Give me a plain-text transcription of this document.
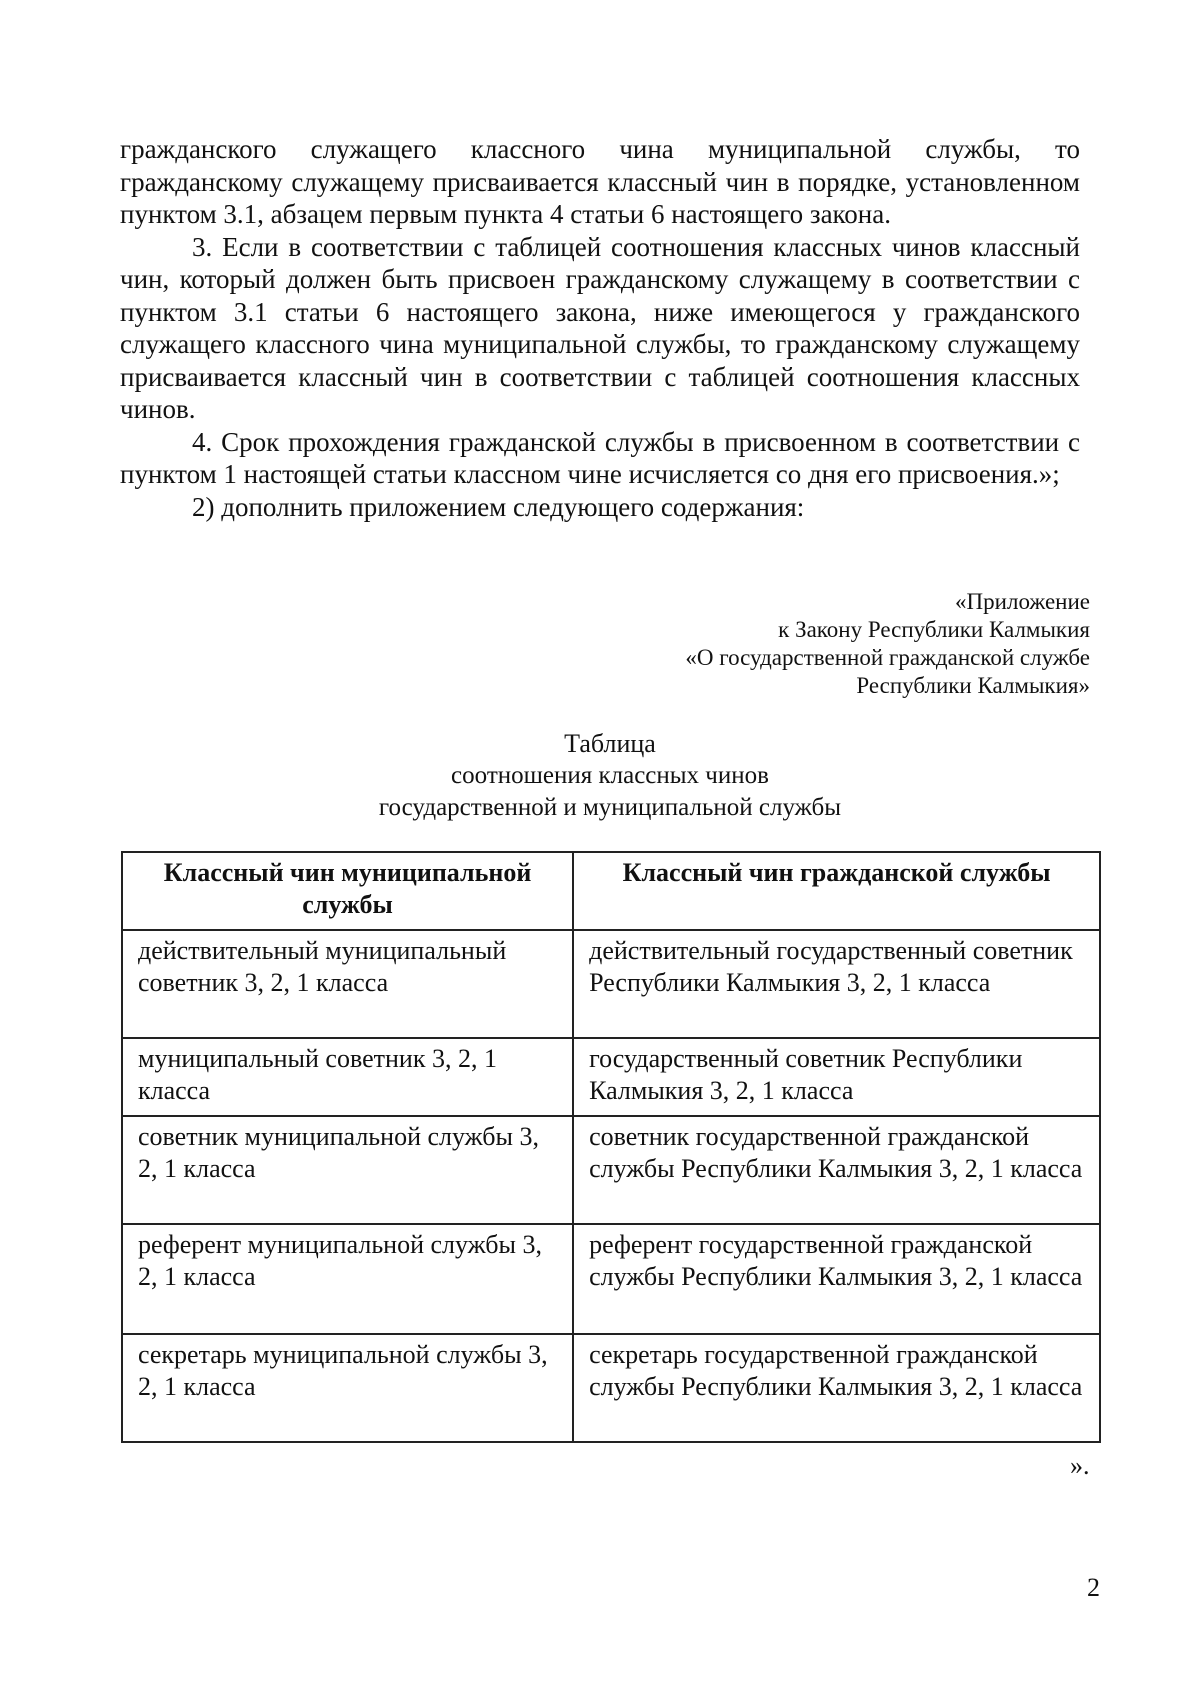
гражданского служащего классного чина муниципальной службы, то гражданскому служащему присваивается классный чин в порядке, установленном пунктом 3.1, абзацем первым пункта 4 статьи 6 настоящего закона.

3. Если в соответствии с таблицей соотношения классных чинов классный чин, который должен быть присвоен гражданскому служащему в соответствии с пунктом 3.1 статьи 6 настоящего закона, ниже имеющегося у гражданского служащего классного чина муниципальной службы, то гражданскому служащему присваивается классный чин в соответствии с таблицей соотношения классных чинов.

4. Срок прохождения гражданской службы в присвоенном в соответствии с пунктом 1 настоящей статьи классном чине исчисляется со дня его присвоения.»;

2) дополнить приложением следующего содержания:

«Приложение
к Закону Республики Калмыкия
«О государственной гражданской службе
Республики Калмыкия»
Таблица
соотношения классных чинов
государственной и муниципальной службы
Классный чин муниципальной службы	Классный чин гражданской службы
действительный муниципальный советник 3, 2, 1 класса	действительный государственный советник Республики Калмыкия 3, 2, 1 класса
муниципальный советник 3, 2, 1 класса	государственный советник Республики Калмыкия 3, 2, 1 класса
советник муниципальной службы 3, 2, 1 класса	советник государственной гражданской службы Республики Калмыкия 3, 2, 1 класса
референт муниципальной службы 3, 2, 1 класса	референт государственной гражданской службы Республики Калмыкия 3, 2, 1 класса
секретарь муниципальной службы 3, 2, 1 класса	секретарь государственной гражданской службы Республики Калмыкия 3, 2, 1 класса
».
2
